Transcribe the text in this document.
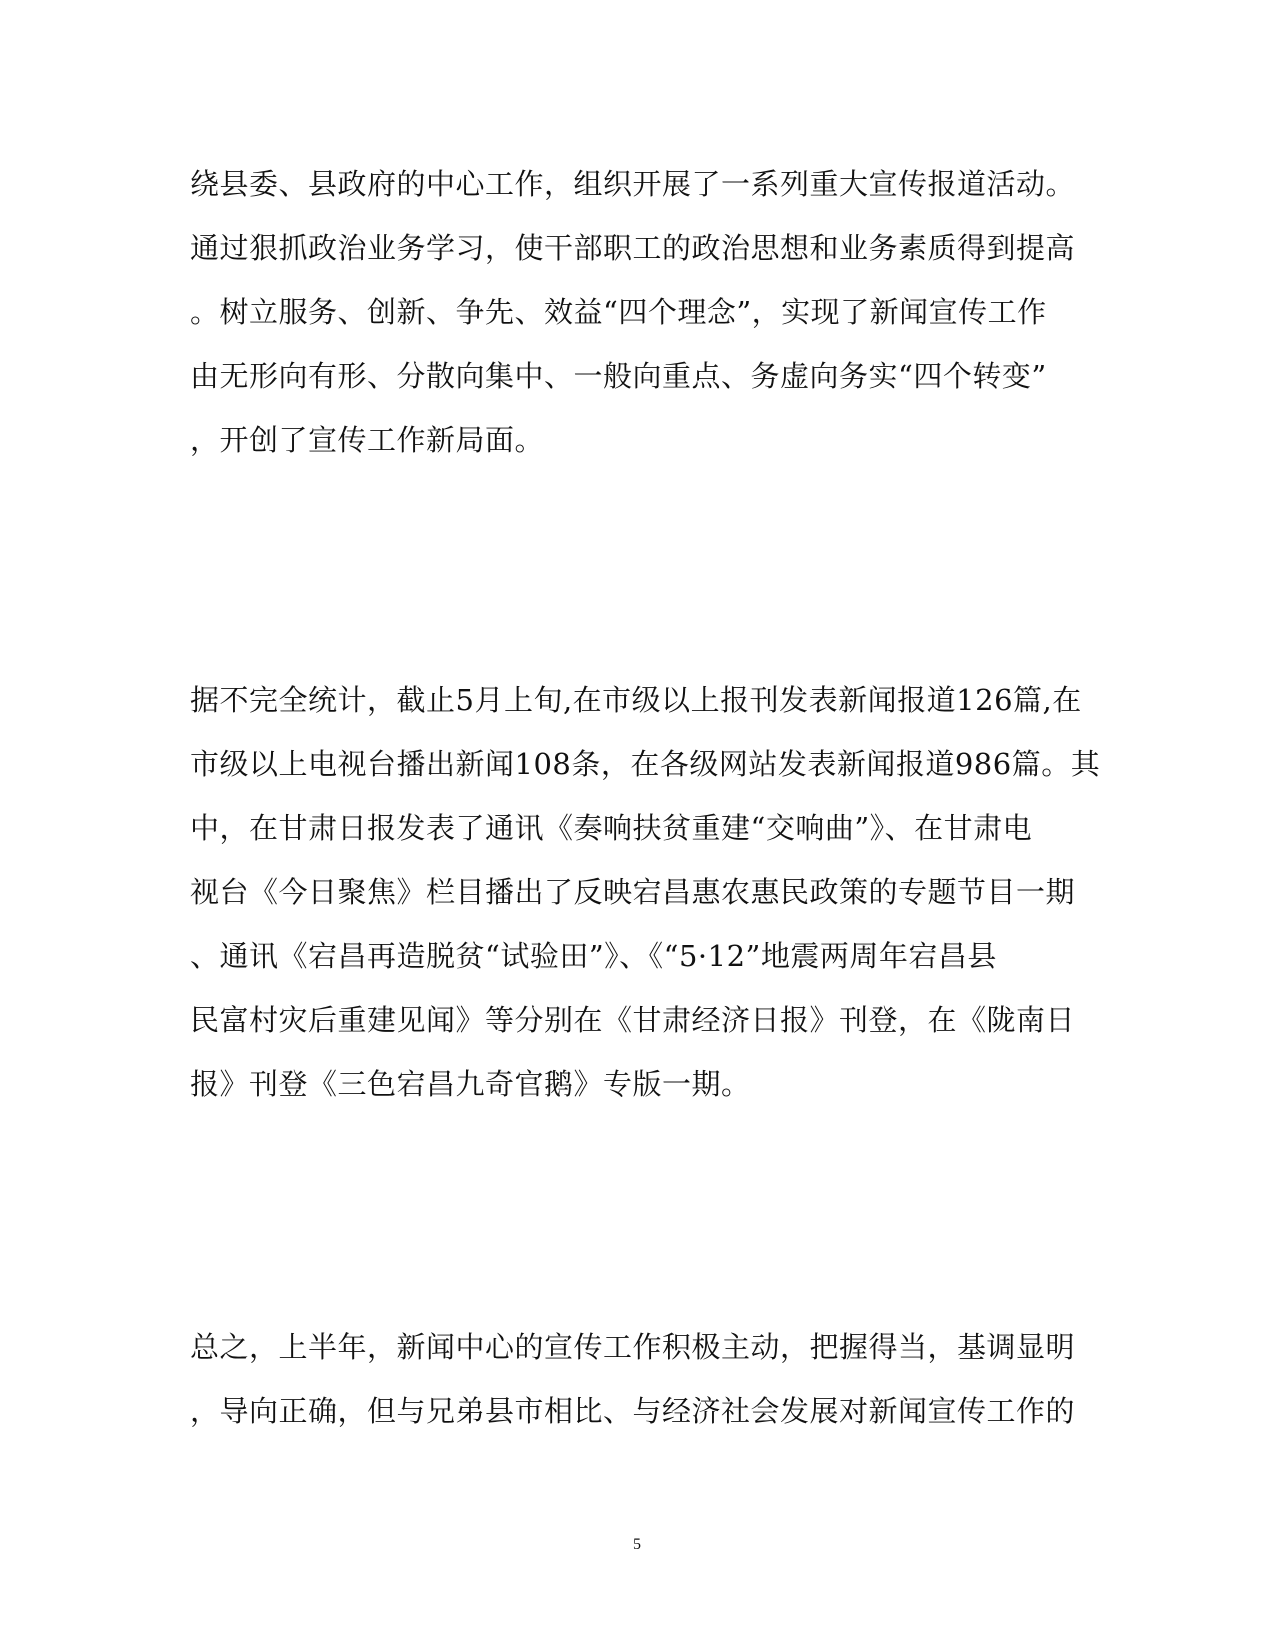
绕县委、县政府的中心工作，组织开展了一系列重大宣传报道活动。
通过狠抓政治业务学习，使干部职工的政治思想和业务素质得到提高
。树立服务、创新、争先、效益“四个理念”，实现了新闻宣传工作
由无形向有形、分散向集中、一般向重点、务虚向务实“四个转变”
，开创了宣传工作新局面。
据不完全统计，截止5月上旬,在市级以上报刊发表新闻报道126篇,在
市级以上电视台播出新闻108条，在各级网站发表新闻报道986篇。其
中，在甘肃日报发表了通讯《奏响扶贫重建“交响曲”》、在甘肃电
视台《今日聚焦》栏目播出了反映宕昌惠农惠民政策的专题节目一期
、通讯《宕昌再造脱贫“试验田”》、《“5·12”地震两周年宕昌县
民富村灾后重建见闻》等分别在《甘肃经济日报》刊登，在《陇南日
报》刊登《三色宕昌九奇官鹅》专版一期。
总之，上半年，新闻中心的宣传工作积极主动，把握得当，基调显明
，导向正确，但与兄弟县市相比、与经济社会发展对新闻宣传工作的
5
